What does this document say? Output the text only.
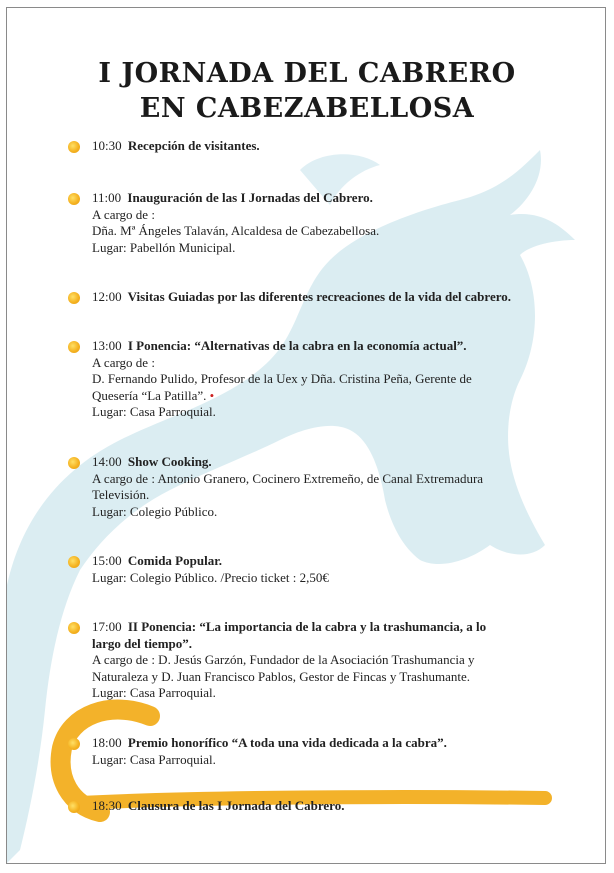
I JORNADA DEL CABRERO
EN CABEZABELLOSA
10:30 Recepción de visitantes.
11:00 Inauguración de las I Jornadas del Cabrero.
A cargo de :
Dña. Mª Ángeles Talaván, Alcaldesa de Cabezabellosa.
Lugar: Pabellón Municipal.
12:00 Visitas Guiadas por las diferentes recreaciones de la vida del cabrero.
13:00 I Ponencia: “Alternativas de la cabra en la economía actual”.
A cargo de :
D. Fernando Pulido, Profesor de la Uex y Dña. Cristina Peña, Gerente de
Quesería “La Patilla”. •
Lugar: Casa Parroquial.
14:00 Show Cooking.
A cargo de : Antonio Granero, Cocinero Extremeño, de Canal Extremadura
Televisión.
Lugar: Colegio Público.
15:00 Comida Popular.
Lugar: Colegio Público. /Precio ticket : 2,50€
17:00 II Ponencia: “La importancia de la cabra y la trashumancia, a lo
largo del tiempo”.
A cargo de : D. Jesús Garzón, Fundador de la Asociación Trashumancia y
Naturaleza y D. Juan Francisco Pablos, Gestor de Fincas y Trashumante.
Lugar: Casa Parroquial.
18:00 Premio honorífico “A toda una vida dedicada a la cabra”.
Lugar: Casa Parroquial.
18:30 Clausura de las I Jornada del Cabrero.
